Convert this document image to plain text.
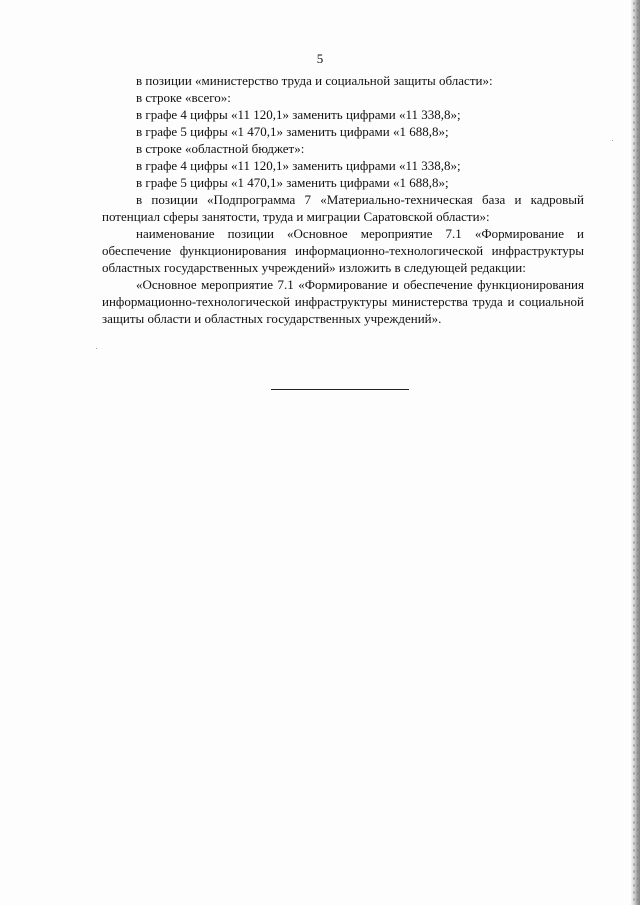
5

в позиции «министерство труда и социальной защиты области»:

в строке «всего»:

в графе 4 цифры «11 120,1» заменить цифрами «11 338,8»;

в графе 5 цифры «1 470,1» заменить цифрами «1 688,8»;

в строке «областной бюджет»:

в графе 4 цифры «11 120,1» заменить цифрами «11 338,8»;

в графе 5 цифры «1 470,1» заменить цифрами «1 688,8»;

в позиции «Подпрограмма 7 «Материально-техническая база и кадровый потенциал сферы занятости, труда и миграции Саратовской области»:

наименование позиции «Основное мероприятие 7.1 «Формирование и обеспечение функционирования информационно-технологической инфраструктуры областных государственных учреждений» изложить в следующей редакции:

«Основное мероприятие 7.1 «Формирование и обеспечение функционирования информационно-технологической инфраструктуры министерства труда и социальной защиты области и областных государственных учреждений».
